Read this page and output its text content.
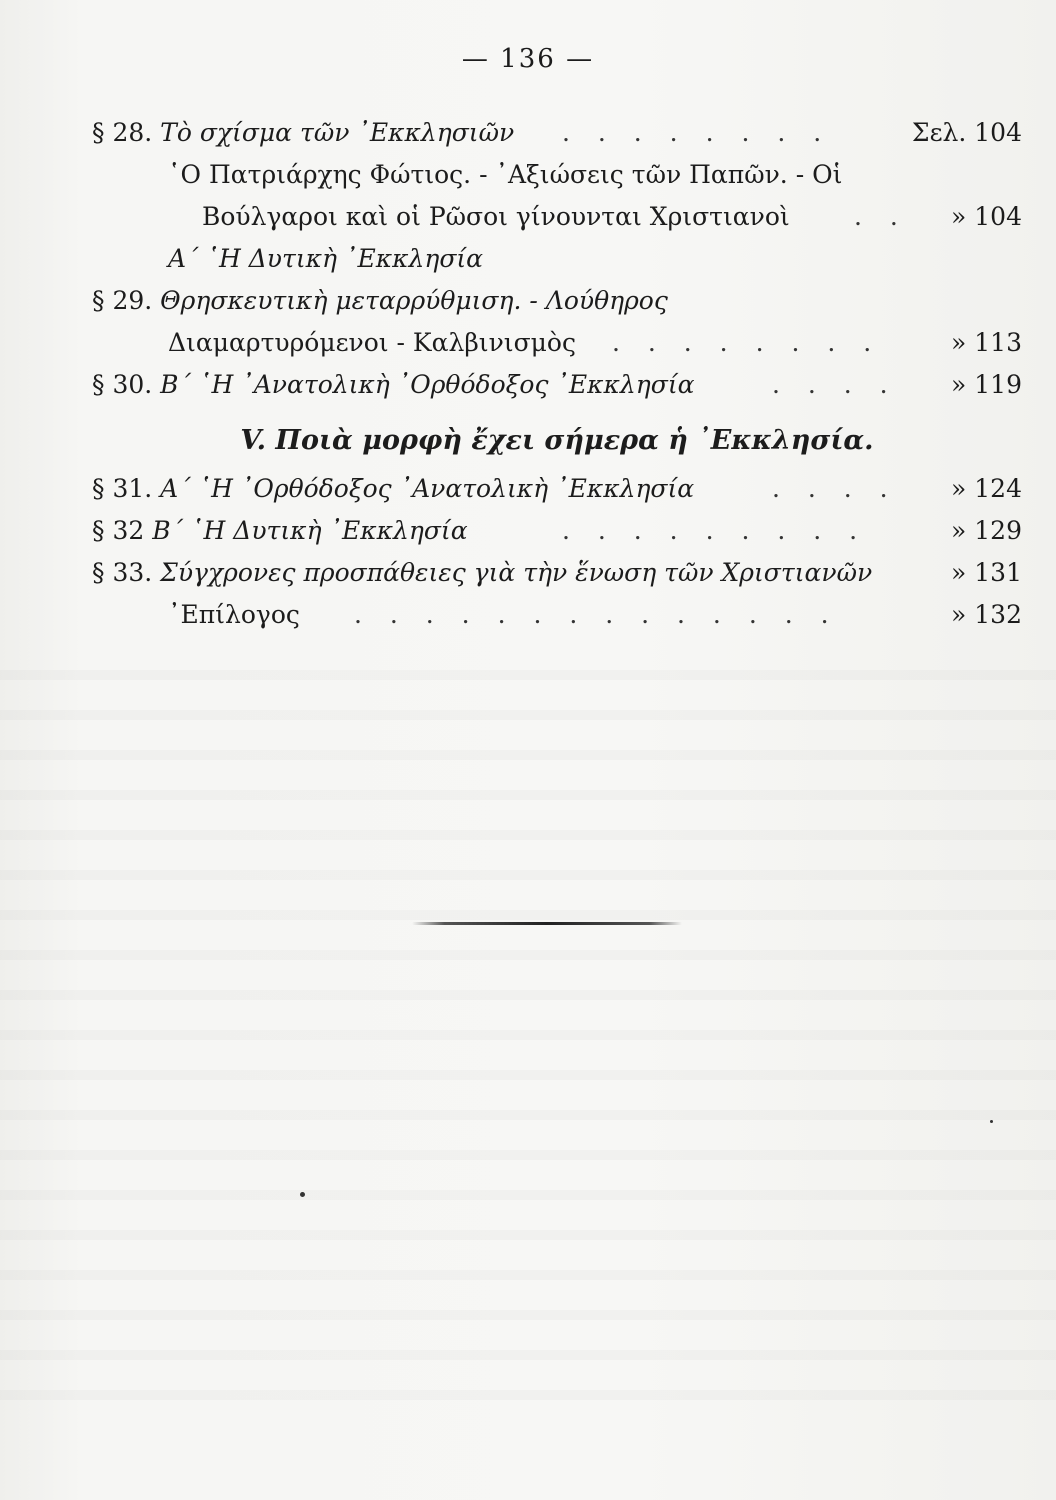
— 136 —
§ 28. Τὸ σχίσμα τῶν ᾿Εκκλησιῶν . . . . . . . .	Σελ. 104
῾Ο Πατριάρχης Φώτιος. - ᾿Αξιώσεις τῶν Παπῶν. - Οἱ
Βούλγαροι καὶ οἱ Ρῶσοι γίνουνται Χριστιανοὶ	. . » 104
Α΄ ῾Η Δυτικὴ ᾿Εκκλησία
§ 29. Θρησκευτικὴ μεταρρύθμιση. - Λούθηρος
Διαμαρτυρόμενοι - Καλβινισμὸς . . . . . . . .	» 113
§ 30. Β΄ ῾Η ᾿Ανατολικὴ ᾿Ορθόδοξος ᾿Εκκλησία	. . . . » 119
V. Ποιὰ μορφὴ ἔχει σήμερα ἡ ᾿Εκκλησία.
§ 31. Α΄ ῾Η ᾿Ορθόδοξος ᾿Ανατολικὴ ᾿Εκκλησία	. . . . » 124
§ 32 Β΄ ῾Η Δυτικὴ ᾿Εκκλησία	. . . . . . . . .	» 129
§ 33. Σύγχρονες προσπάθειες γιὰ τὴν ἕνωση τῶν Χριστιανῶν	» 131
᾿Επίλογος . . . . . . . . . . . . . .	» 132
